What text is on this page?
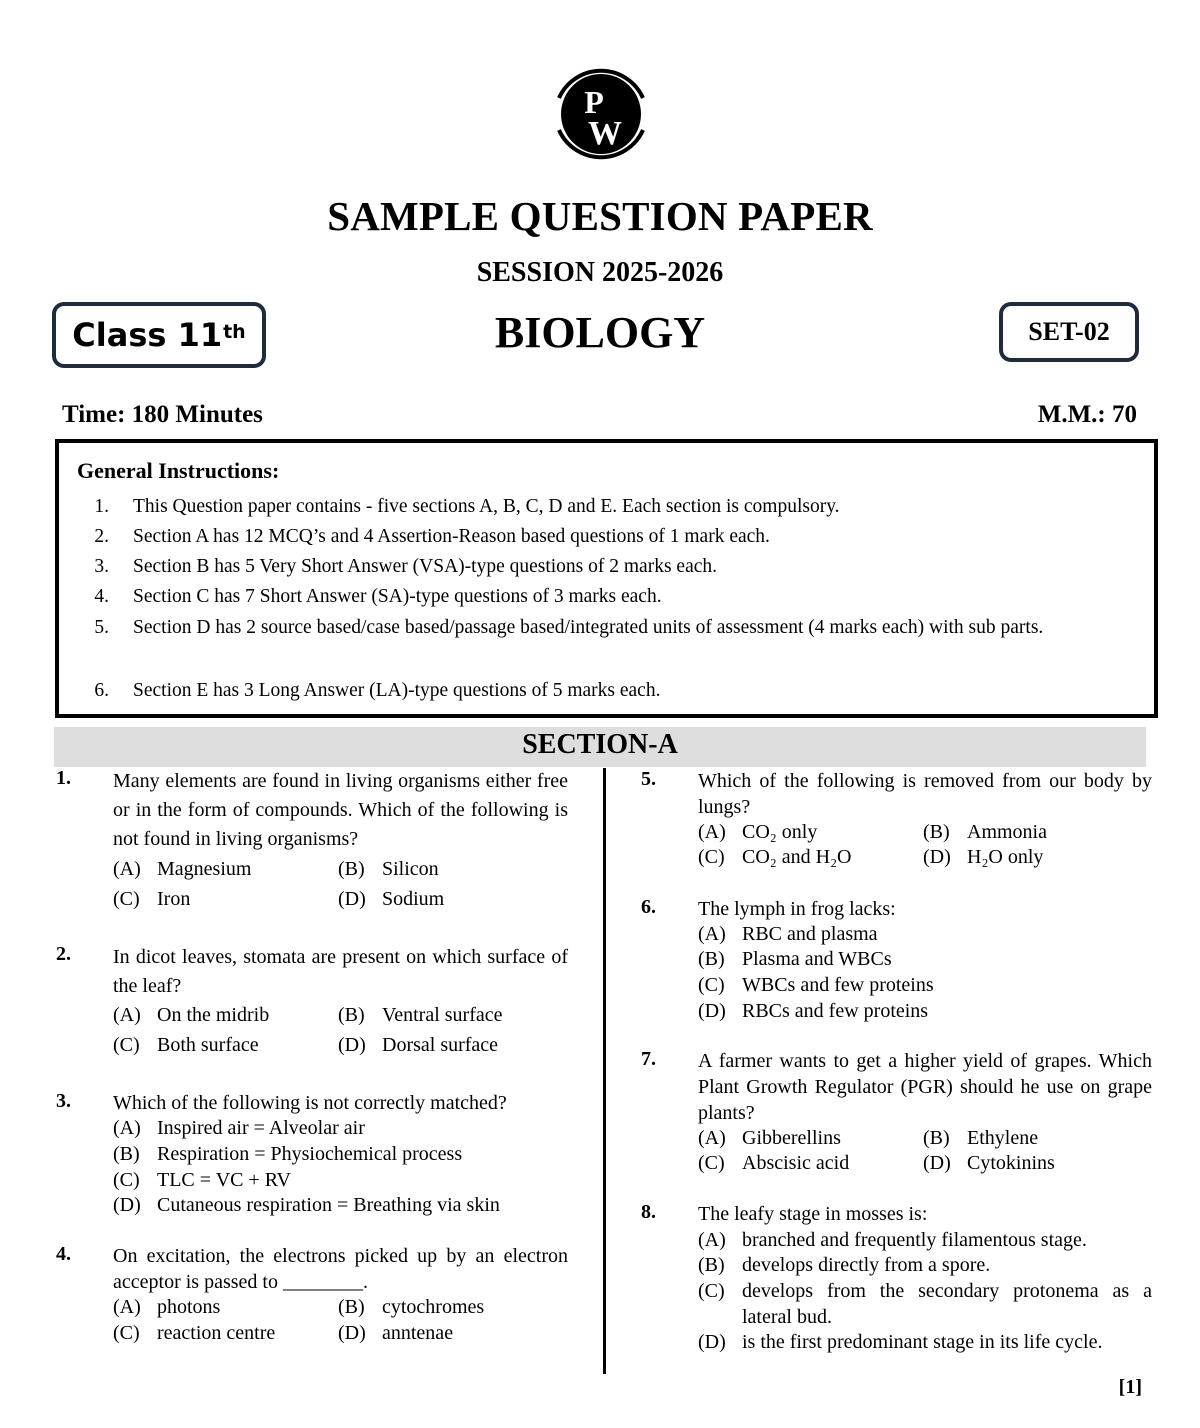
P
W
SAMPLE QUESTION PAPER
SESSION 2025-2026
BIOLOGY
Class 11th	SET-02
Time: 180 Minutes	M.M.: 70
General Instructions:
1. This Question paper contains - five sections A, B, C, D and E. Each section is compulsory.
2. Section A has 12 MCQ’s and 4 Assertion-Reason based questions of 1 mark each.
3. Section B has 5 Very Short Answer (VSA)-type questions of 2 marks each.
4. Section C has 7 Short Answer (SA)-type questions of 3 marks each.
5. Section D has 2 source based/case based/passage based/integrated units of assessment (4 marks each) with sub parts.
6. Section E has 3 Long Answer (LA)-type questions of 5 marks each.
SECTION-A
1. Many elements are found in living organisms either free or in the form of compounds. Which of the following is not found in living organisms?
(A) Magnesium	(B) Silicon
(C) Iron	(D) Sodium
2. In dicot leaves, stomata are present on which surface of the leaf?
(A) On the midrib	(B) Ventral surface
(C) Both surface	(D) Dorsal surface
3. Which of the following is not correctly matched?
(A) Inspired air = Alveolar air
(B) Respiration = Physiochemical process
(C) TLC = VC + RV
(D) Cutaneous respiration = Breathing via skin
4. On excitation, the electrons picked up by an electron acceptor is passed to ________.
(A) photons	(B) cytochromes
(C) reaction centre	(D) anntenae
5. Which of the following is removed from our body by lungs?
(A) CO₂ only	(B) Ammonia
(C) CO₂ and H₂O	(D) H₂O only
6. The lymph in frog lacks:
(A) RBC and plasma
(B) Plasma and WBCs
(C) WBCs and few proteins
(D) RBCs and few proteins
7. A farmer wants to get a higher yield of grapes. Which Plant Growth Regulator (PGR) should he use on grape plants?
(A) Gibberellins	(B) Ethylene
(C) Abscisic acid	(D) Cytokinins
8. The leafy stage in mosses is:
(A) branched and frequently filamentous stage.
(B) develops directly from a spore.
(C) develops from the secondary protonema as a lateral bud.
(D) is the first predominant stage in its life cycle.
[1]
